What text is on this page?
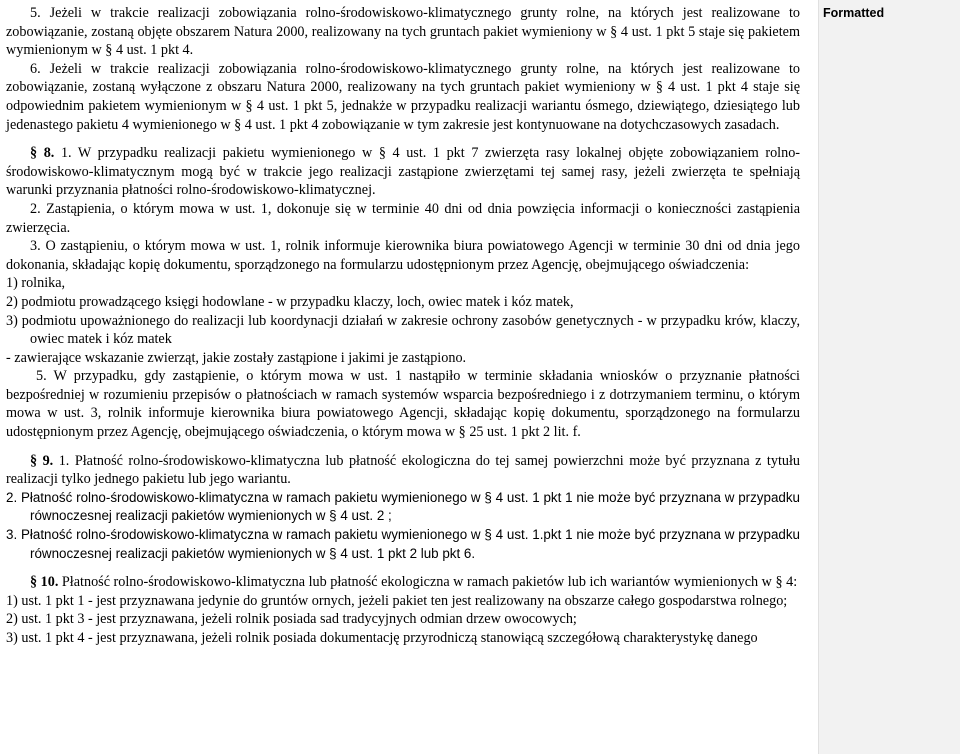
5. Jeżeli w trakcie realizacji zobowiązania rolno-środowiskowo-klimatycznego grunty rolne, na których jest realizowane to zobowiązanie, zostaną objęte obszarem Natura 2000, realizowany na tych gruntach pakiet wymieniony w § 4 ust. 1 pkt 5 staje się pakietem wymienionym w § 4 ust. 1 pkt 4.

6. Jeżeli w trakcie realizacji zobowiązania rolno-środowiskowo-klimatycznego grunty rolne, na których jest realizowane to zobowiązanie, zostaną wyłączone z obszaru Natura 2000, realizowany na tych gruntach pakiet wymieniony w § 4 ust. 1 pkt 4 staje się odpowiednim pakietem wymienionym w § 4 ust. 1 pkt 5, jednakże w przypadku realizacji wariantu ósmego, dziewiątego, dziesiątego lub jedenastego pakietu 4 wymienionego w § 4 ust. 1 pkt 4 zobowiązanie w tym zakresie jest kontynuowane na dotychczasowych zasadach.

§ 8. 1. W przypadku realizacji pakietu wymienionego w § 4 ust. 1 pkt 7 zwierzęta rasy lokalnej objęte zobowiązaniem rolno-środowiskowo-klimatycznym mogą być w trakcie jego realizacji zastąpione zwierzętami tej samej rasy, jeżeli zwierzęta te spełniają warunki przyznania płatności rolno-środowiskowo-klimatycznej.

2. Zastąpienia, o którym mowa w ust. 1, dokonuje się w terminie 40 dni od dnia powzięcia informacji o konieczności zastąpienia zwierzęcia.

3. O zastąpieniu, o którym mowa w ust. 1, rolnik informuje kierownika biura powiatowego Agencji w terminie 30 dni od dnia jego dokonania, składając kopię dokumentu, sporządzonego na formularzu udostępnionym przez Agencję, obejmującego oświadczenia:

1) rolnika,

2) podmiotu prowadzącego księgi hodowlane - w przypadku klaczy, loch, owiec matek i kóz matek,

3) podmiotu upoważnionego do realizacji lub koordynacji działań w zakresie ochrony zasobów genetycznych - w przypadku krów, klaczy, owiec matek i kóz matek

- zawierające wskazanie zwierząt, jakie zostały zastąpione i jakimi je zastąpiono.

5. W przypadku, gdy zastąpienie, o którym mowa w ust. 1 nastąpiło w terminie składania wniosków o przyznanie płatności bezpośredniej w rozumieniu przepisów o płatnościach w ramach systemów wsparcia bezpośredniego i z dotrzymaniem terminu, o którym mowa w ust. 3, rolnik informuje kierownika biura powiatowego Agencji, składając kopię dokumentu, sporządzonego na formularzu udostępnionym przez Agencję, obejmującego oświadczenia, o którym mowa w § 25 ust. 1 pkt 2 lit. f.

§ 9. 1. Płatność rolno-środowiskowo-klimatyczna lub płatność ekologiczna do tej samej powierzchni może być przyznana z tytułu realizacji tylko jednego pakietu lub jego wariantu.

2. Płatność rolno-środowiskowo-klimatyczna w ramach pakietu wymienionego w § 4 ust. 1 pkt 1 nie może być przyznana w przypadku równoczesnej realizacji pakietów wymienionych w § 4 ust. 2 ;

3. Płatność rolno-środowiskowo-klimatyczna w ramach pakietu wymienionego w § 4 ust. 1.pkt 1 nie może być przyznana w przypadku równoczesnej realizacji pakietów wymienionych w § 4 ust. 1 pkt 2 lub pkt 6.

§ 10. Płatność rolno-środowiskowo-klimatyczna lub płatność ekologiczna w ramach pakietów lub ich wariantów wymienionych w § 4:

1) ust. 1 pkt 1 - jest przyznawana jedynie do gruntów ornych, jeżeli pakiet ten jest realizowany na obszarze całego gospodarstwa rolnego;

2) ust. 1 pkt 3 - jest przyznawana, jeżeli rolnik posiada sad tradycyjnych odmian drzew owocowych;

3) ust. 1 pkt 4 - jest przyznawana, jeżeli rolnik posiada dokumentację przyrodniczą stanowiącą szczegółową charakterystykę danego

Formatted
